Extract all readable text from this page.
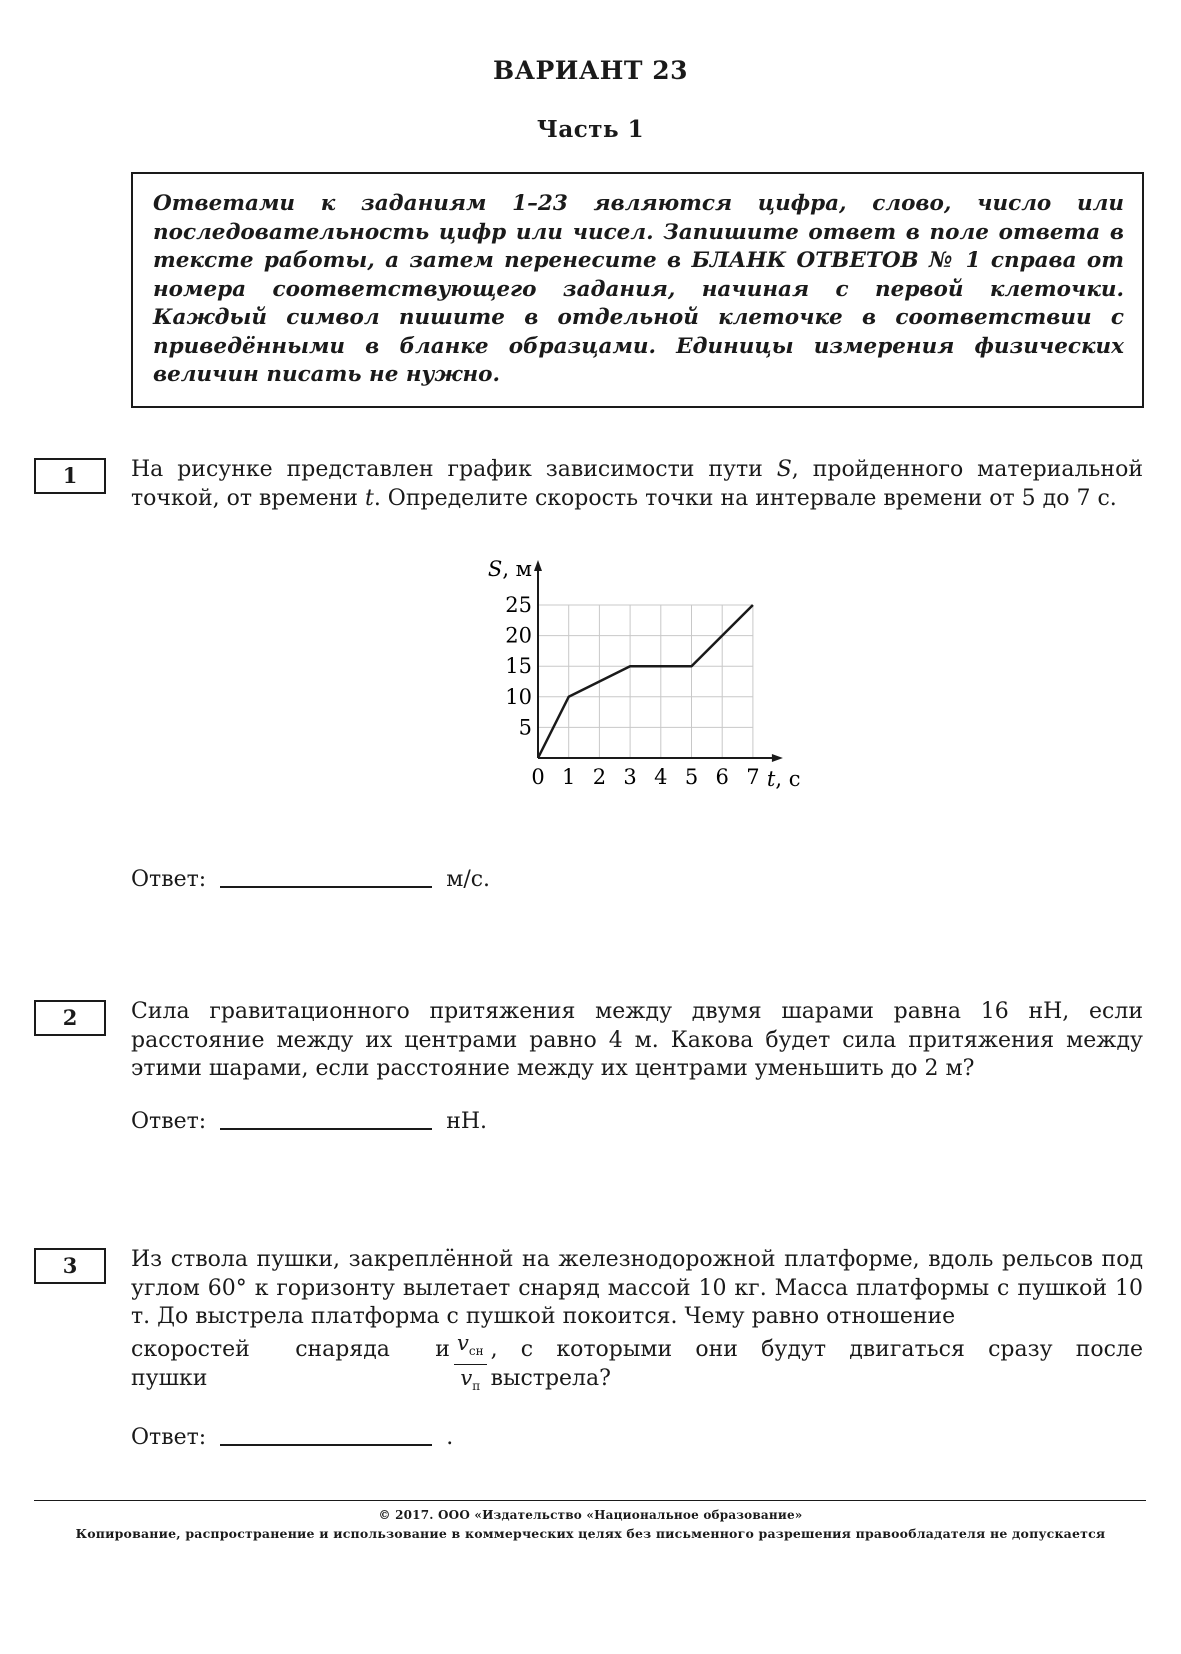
ВАРИАНТ 23
Часть 1
Ответами к заданиям 1–23 являются цифра, слово, число или последовательность цифр или чисел. Запишите ответ в поле ответа в тексте работы, а затем перенесите в БЛАНК ОТВЕТОВ № 1 справа от номера соответствующего задания, начиная с первой клеточки. Каждый символ пишите в отдельной клеточке в соответствии с приведёнными в бланке образцами. Единицы измерения физических величин писать не нужно.
1	На рисунке представлен график зависимости пути S, пройденного материальной точкой, от времени t. Определите скорость точки на интервале времени от 5 до 7 с.
0 1 2 3 4 5 6 7
5
10
15
20
25
S, м
t, с
Ответ:	м/с.
2	Сила гравитационного притяжения между двумя шарами равна 16 нН, если расстояние между их центрами равно 4 м. Какова будет сила притяжения между этими шарами, если расстояние между их центрами уменьшить до 2 м?
Ответ:	нН.
3	Из ствола пушки, закреплённой на железнодорожной платформе, вдоль рельсов под углом 60° к горизонту вылетает снаряд массой 10 кг. Масса платформы с пушкой 10 т. До выстрела платформа с пушкой покоится. Чему равно отношение
скоростей снаряда и пушки	$\frac{v_{сн}}{v_п}$ , с которыми они будут двигаться сразу после выстрела?
Ответ:	.
© 2017. ООО «Издательство «Национальное образование»
Копирование, распространение и использование в коммерческих целях без письменного разрешения правообладателя не допускается
